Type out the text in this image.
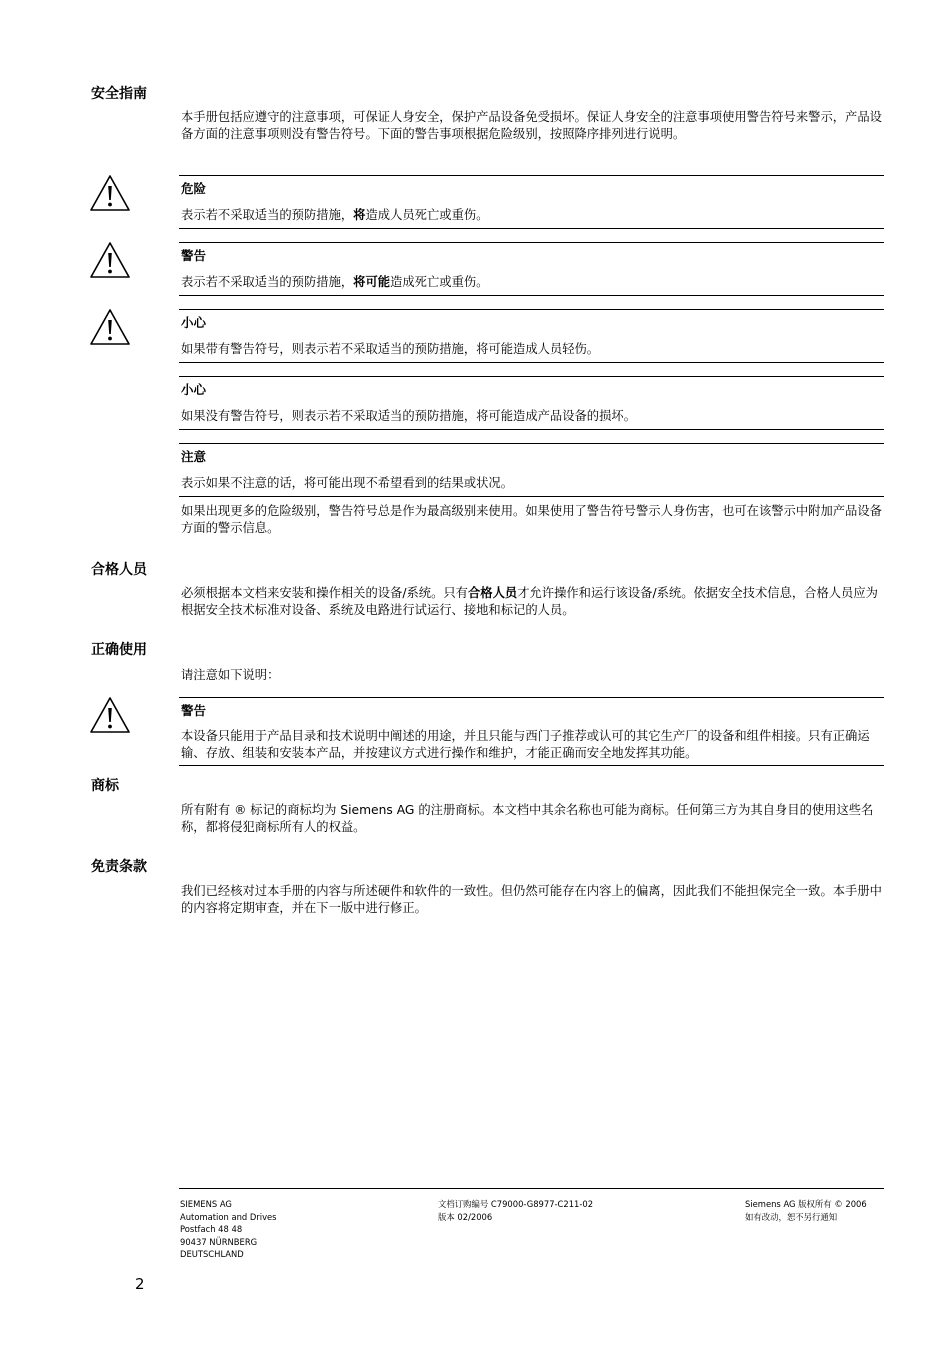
安全指南
本手册包括应遵守的注意事项，可保证人身安全，保护产品设备免受损坏。保证人身安全的注意事项使用警告符号来警示，产品设备方面的注意事项则没有警告符号。下面的警告事项根据危险级别，按照降序排列进行说明。
危险
表示若不采取适当的预防措施，将造成人员死亡或重伤。
警告
表示若不采取适当的预防措施，将可能造成死亡或重伤。
小心
如果带有警告符号，则表示若不采取适当的预防措施，将可能造成人员轻伤。
小心
如果没有警告符号，则表示若不采取适当的预防措施，将可能造成产品设备的损坏。
注意
表示如果不注意的话，将可能出现不希望看到的结果或状况。
如果出现更多的危险级别，警告符号总是作为最高级别来使用。如果使用了警告符号警示人身伤害，也可在该警示中附加产品设备方面的警示信息。
合格人员
必须根据本文档来安装和操作相关的设备/系统。只有合格人员才允许操作和运行该设备/系统。依据安全技术信息，合格人员应为根据安全技术标准对设备、系统及电路进行试运行、接地和标记的人员。
正确使用
请注意如下说明：
警告
本设备只能用于产品目录和技术说明中阐述的用途，并且只能与西门子推荐或认可的其它生产厂的设备和组件相接。只有正确运输、存放、组装和安装本产品，并按建议方式进行操作和维护，才能正确而安全地发挥其功能。
商标
所有附有 ® 标记的商标均为 Siemens AG 的注册商标。本文档中其余名称也可能为商标。任何第三方为其自身目的使用这些名称，都将侵犯商标所有人的权益。
免责条款
我们已经核对过本手册的内容与所述硬件和软件的一致性。但仍然可能存在内容上的偏离，因此我们不能担保完全一致。本手册中的内容将定期审查，并在下一版中进行修正。
SIEMENS AG
Automation and Drives
Postfach 48 48
90437 NÜRNBERG
DEUTSCHLAND
文档订购编号 C79000-G8977-C211-02
版本 02/2006
Siemens AG 版权所有 © 2006
如有改动，恕不另行通知
2
